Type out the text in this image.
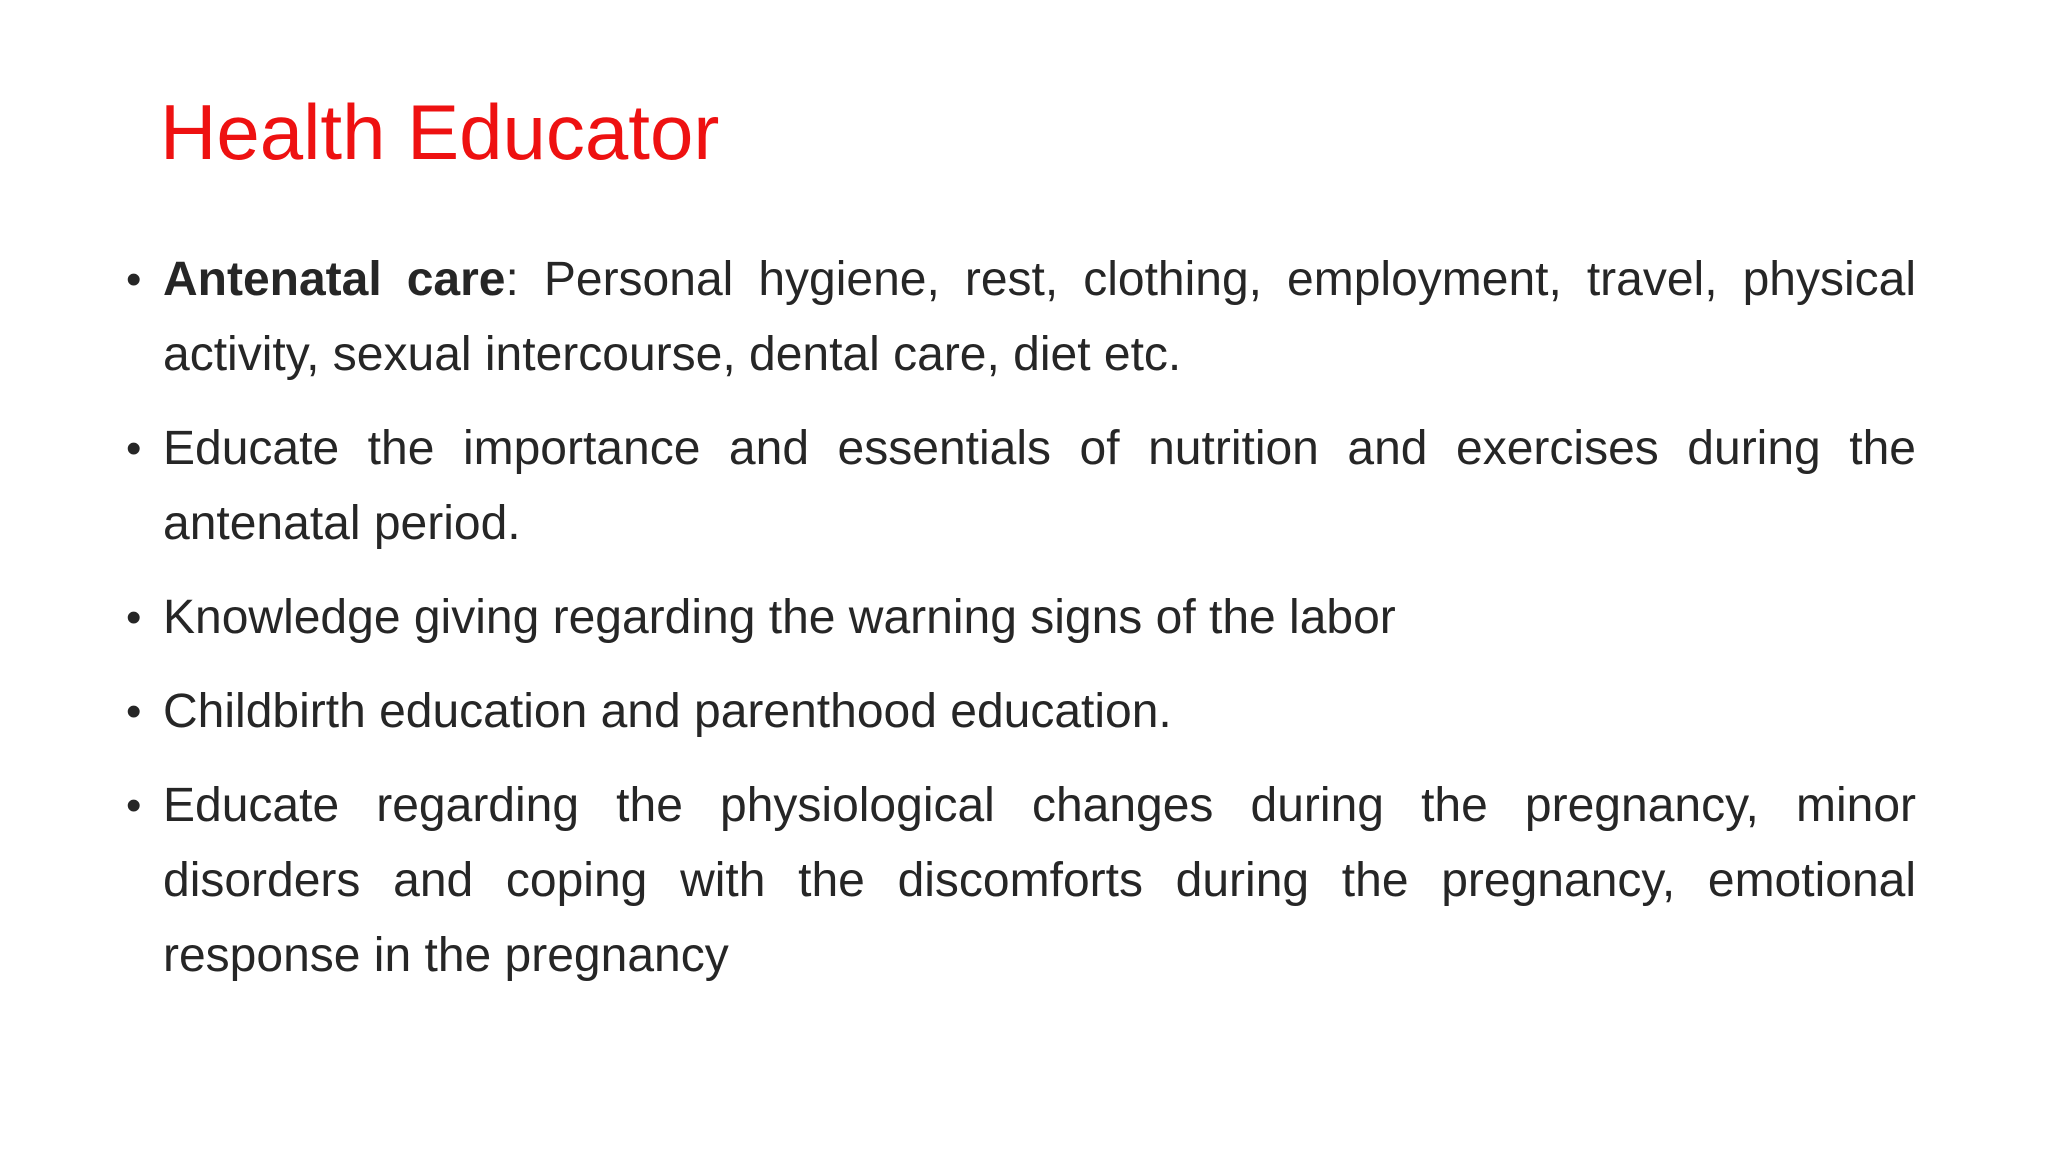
Health Educator
• Antenatal care: Personal hygiene, rest, clothing, employment, travel, physical activity, sexual intercourse, dental care, diet etc.
• Educate the importance and essentials of nutrition and exercises during the antenatal period.
• Knowledge giving regarding the warning signs of the labor
• Childbirth education and parenthood education.
• Educate regarding the physiological changes during the pregnancy, minor disorders and coping with the discomforts during the pregnancy, emotional response in the pregnancy
